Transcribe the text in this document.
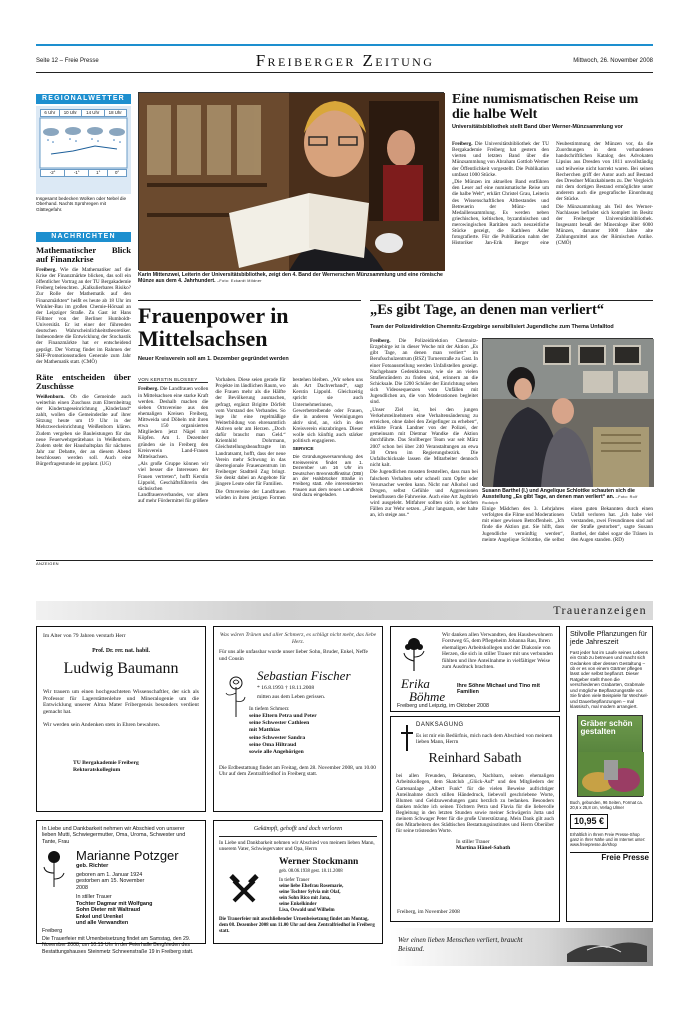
Seite 12 – Freie Presse	Freiberger Zeitung	Mittwoch, 26. November 2008
REGIONALWETTER
6 Uhr	10 Uhr	14 Uhr	18 Uhr
-2°	-1°	1°	0°
Insgesamt bedecken Wolken oder Nebel die Oberhand. Nachts Sprühregen mit Glättegefahr.
NACHRICHTEN
Mathematischer Blick auf Finanzkrise

Freiberg. Wie die Mathematiker auf die Krise der Finanzmärkte blicken, das soll ein öffentlicher Vortrag an der TU Bergakademie Freiberg beleuchten. „Kalkulierbares Risiko? Zur Rolle der Mathematik auf den Finanzmärkten“ heißt es heute ab 18 Uhr im Winkler-Bau im großen Chemie-Hörsaal an der Leipziger Straße. Zu Gast ist Hans Föllmer von der Berliner Humboldt-Universität. Er ist einer der führenden deutschen Wahrscheinlichkeitstheoretiker. Insbesondere die Entwicklung der Stochastik der Finanzmärkte hat er entscheidend geprägt. Der Vortrag findet im Rahmen der SHF-Promotionsstudien Generale zum Jahr der Mathematik statt. (CMÖ)

Räte entscheiden über Zuschüsse

Weißenborn. Ob die Gemeinde auch weiterhin einen Zuschuss zum Elternbeitrag der Kindertageseinrichtung „Kinderland“ zahlt, wollen die Gemeinderäte auf ihrer Sitzung heute um 19 Uhr in der Mehrzweckeinrichtung Weißenborn klären. Zudem vergeben sie Bauleistungen für das neue Feuerwehrgerätehaus in Weißenborn. Zudem steht der Haushaltsplan für nächstes Jahr zur Debatte, der an diesem Abend beschlossen werden soll. Auch eine Bürgerfragestunde ist geplant. (UG)

Karin Mittenzwei, Leiterin der Universitätsbibliothek, zeigt den 4. Band der Wernerschen Münzsammlung und eine römische Münze aus dem 4. Jahrhundert. –Foto: Eckardt Mildner
Eine numismatischen Reise um die halbe Welt
Universitätsbibliothek stellt Band über Werner-Münzsammlung vor

Freiberg. Die Universitätsbibliothek der TU Bergakademie Freiberg hat gestern den vierten und letzten Band über die Münzsammlung von Abraham Gottlob Werner der Öffentlichkeit vorgestellt. Die Publikation umfasst 1000 Stücke.

„Die Münzen im aktuellen Band entführen den Leser auf eine numismatische Reise um die halbe Welt“, erklärt Christel Grau, Leiterin des Wissenschaftlichen Altbestandes und Betreuerin der Münz- und Medaillensammlung. Es werden neben griechischen, keltischen, byzantinischen und merowingischen Raritäten auch neuzeitliche Stücke gezeigt, die Kathleen Adler fotografierte. Für die Publikation nahm der Historiker Jan-Erik Berger eine Neubestimmung der Münzen vor, da die Zuordnungen in dem vorhandenen handschriftlichen Katalog des Advokaten Lipsius aus Dresden von 1811 unvollständig und teilweise nicht korrekt waren. Bei seinen Recherchen griff der Autor auch auf Bestand des Dresdner Münzkabinetts zu. Der Vergleich mit dem dortigen Bestand ermöglichte unter anderem auch die geografische Einordnung der Stücke.

Die Münzsammlung als Teil des Werner-Nachlasses befindet sich komplett im Besitz der Freiberger Universitätsbibliothek. Insgesamt besaß der Mineraloge über 6000 Münzen, darunter 1000 Jahre alte Zahlungsmittel aus der Römischen Antike. (CMÖ)

Frauenpower in Mittelsachsen
Neuer Kreisverein soll am 1. Dezember gegründet werden

VON KERSTIN BLOSSEY

Freiberg. Die Landfrauen wollen in Mittelsachsen eine starke Kraft werden. Deshalb machen die sieben Ortsvereine aus den ehemaligen Kreisen Freiberg, Mittweida und Döbeln mit ihren etwa 150 organisierten Mitgliedern jetzt Nägel mit Köpfen. Am 1. Dezember gründen sie in Freiberg den Kreisverein Land-Frauen Mittelsachsen.

„Als große Gruppe können wir viel besser die Interessen der Frauen vertreten“, hofft Kerstin Lippold, Geschäftsführerin des sächsischen Landfrauenverbandes, vor allem auf mehr Fördermittel für größere Vorhaben. Diese seien gerade für Projekte im ländlichen Raum, wo die Frauen mehr als die Hälfte der Bevölkerung ausmachen, gefragt, ergänzt Brigitte Dörfelt vom Vorstand des Verbandes. So lege ihr eine regelmäßige Weiterbildung von ehrenamtlich Aktiven sehr am Herzen. „Doch dafür braucht man Geld.“ Kriemhild Dohrmann, Gleichstellungsbeauftragte im Landratsamt, hofft, dass der neue Verein mehr Schwung in das überregionale Frauenzentrum im Freiberger Stadtteil Zug bringt. Sie denkt dabei an Angebote für jüngere Leute oder für Familien.

Die Ortsvereine der Landfrauen würden in ihren jetzigen Formen bestehen bleiben. „Wir sehen uns als Art Dachverband“, sagt Kerstin Lippold. Gleichzeitig spricht sie auch Unternehmerinnen, Gewerbetreibende oder Frauen, die in anderen Vereinigungen aktiv sind, an, sich in den Kreisverein einzubringen. Dieser wolle sich künftig auch stärker politisch engagieren.

SERVICE

Die Gründungsversammlung des Kreisvereins findet am 1. Dezember um 16 Uhr im Deutschen Brennstoffinstitut (DBI) an der Halsbrücker Straße in Freiberg statt. Alle interessierten Frauen aus dem neuen Landkreis sind dazu eingeladen.

„Es gibt Tage, an denen man verliert“
Team der Polizeidirektion Chemnitz-Erzgebirge sensibilisiert Jugendliche zum Thema Unfalltod

Freiberg. Die Polizeidirektion Chemnitz-Erzgebirge ist in dieser Woche mit der Aktion „Es gibt Tage, an denen man verliert“ im Berufsschulzentrum (BSZ) Turnerstraße zu Gast. In einer Fotoausstellung werden Unfallstellen gezeigt. Nachgebaute Gedenkkreuze, wie sie an vielen Straßenrändern zu finden sind, erinnern an die Schicksale. Die 1200 Schüler der Einrichtung sehen sich Videosequenzen vom Unfällen mit Jugendlichen an, die von Moderationen begleitet sind.

„Unser Ziel ist, bei den jungen Verkehrsteilnehmern eine Verhaltensänderung zu erreichen, ohne dabei den Zeigefinger zu erheben“, erklärte Frank Landner von der Polizei, der gemeinsam mit Dietmar Wandke die Aktion durchführte. Das Stollberger Team war seit März 2007 schon bei über 240 Veranstaltungen an etwa 30 Orten im Regierungsbezirk. Die Unfallschicksale lassen die Mitarbeiter dennoch nicht kalt.

Die Jugendlichen mussten feststellen, dass man bei falschem Verhalten sehr schnell zum Opfer oder Verursacher werden kann. Nicht nur Alkohol und Drogen, selbst Gefühle und Aggressionen beeinflussen die Fahrweise. Auch eine Art Jagdtrieb wird ausgelebt. Mitfahrer sollten sich in solchen Fällen zur Wehr setzen. „Fahr langsam, oder halte an, ich steige aus.“

Susann Barthel (l.) und Angelique Schlottke schauten sich die Ausstellung „Es gibt Tage, an denen man verliert“ an. –Foto: Rolf Rudolph

Einige Mädchen des 3. Lehrjahres verfolgten die Filme und Moderationen mit einer gewissen Betroffenheit. „Ich finde die Aktion gut. Sie hilft, dass Jugendliche vernünftig werden“, meinte Angelique Schlottke, die selbst einen guten Bekannten durch einen Unfall verloren hat. „Ich habe viel verstanden, zwei Freundinnen sind auf der Straße gestorben“, sagte Susann Barthel, der dabei sogar die Tränen in den Augen standen. (RD)

ANZEIGEN
Traueranzeigen
Im Alter von 79 Jahren verstarb Herr
Prof. Dr. rer. nat. habil.
Ludwig Baumann

Wir trauern um einen hochgeachteten Wissenschaftler, der sich als Professor für Lagerstättenlehre und Mineralogenie um die Entwicklung unserer Alma Mater Fribergensis besonders verdient gemacht hat.

Wir werden sein Andenken stets in Ehren bewahren.

TU Bergakademie Freiberg
Rektoratskollegium
Was wären Tränen und aller Schmerz, es schlägt nicht mehr, das liebe Herz.
Für uns alle unfassbar wurde unser lieber Sohn, Bruder, Enkel, Neffe und Cousin
Sebastian Fischer
* 16.8.1993 † 18.11.2008
mitten aus dem Leben gerissen.
In tiefem Schmerz
seine Eltern Petra und Peter
seine Schwester Cathleen
mit Matthias
seine Schwester Sandra
seine Oma Hiltraud
sowie alle Angehörigen

Die Erdbestattung findet am Freitag, dem 28. November 2008, um 10.00 Uhr auf dem Zentralfriedhof in Freiberg statt.

Wir danken allen Verwandten, den Hausbewohnern Forstweg 65, dem Pflegeheim Johanna Rau, Ihren ehemaligen Arbeitskollegen und der Diakonie von Herzen, die sich in stiller Trauer mit uns verbunden fühlten und ihre Anteilnahme in vielfältiger Weise zum Ausdruck brachten.
Erika
Böhme
Ihre Söhne Michael und Tino mit Familien
Freiberg und Leipzig, im Oktober 2008
DANKSAGUNG
Es ist mir ein Bedürfnis, mich nach dem Abschied von meinem lieben Mann, Herrn
Reinhard Sabath

bei allen Freunden, Bekannten, Nachbarn, seinen ehemaligen Arbeitskollegen, dem Skatclub „Glück-Auf“ und den Mitgliedern der Gartenanlage „Albert Funk“ für die vielen Beweise aufrichtiger Anteilnahme durch stillen Händedruck, liebevoll geschriebene Worte, Blumen und Geldzuwendungen ganz herzlich zu bedanken. Besonders danken möchte ich seinen Töchtern Petra und Flavia für die liebevolle Begleitung in den letzten Stunden sowie meiner Schwägerin Jutta und meinem Schwager Peter für die große Unterstützung. Mein Dank gilt auch den Mitarbeitern des Städtischen Bestattungsinstitutes und Herrn Oberüber für seine tröstenden Worte.

In stiller Trauer
Martina Hänel-Sabath
Freiberg, im November 2008
In Liebe und Dankbarkeit nehmen wir Abschied von unserer lieben Mutti, Schwiegermutter, Oma, Uroma, Schwester und Tante, Frau
Marianne Potzger
geb. Richter
geboren am 1. Januar 1924 gestorben am 15. November 2008
In stiller Trauer
Tochter Dagmar mit Wolfgang
Sohn Dieter mit Waltraud
Enkel und Urenkel
und alle Verwandten
Freiberg

Die Trauerfeier mit Urnenbeisetzung findet am Samstag, den 29. November 2008, um 10.15 Uhr in der Feierhalle Bergfrieden des Bestattungshauses Steinmetz Schneenstraße 19 in Freiberg statt.

Gekämpft, gehofft und doch verloren
In Liebe und Dankbarkeit nehmen wir Abschied von meinem lieben Mann, unserem Vater, Schwiegervater und Opa, Herrn
Werner Stockmann
geb. 08.06.1938 gest. 18.11.2008
In tiefer Trauer
seine liebe Ehefrau Rosemarie,
seine Tochter Sylvia mit Olaf,
sein Sohn Rico mit Jana,
seine Enkelkinder
Lisa, Oswald und Wilhelm

Die Trauerfeier mit anschließender Urnenbeisetzung findet am Montag, dem 08. Dezember 2008 um 11.00 Uhr auf dem Zentralfriedhof in Freiberg statt.

Wer einen lieben Menschen verliert, braucht Beistand.
Stilvolle Pflanzungen für jede Jahreszeit

Fast jeder hat im Laufe seines Lebens ein Grab zu betreuen und macht sich Gedanken über dessen Gestaltung – ob er es von einem Gärtner pflegen lässt oder selbst bepflanzt. Dieser Ratgeber stellt Ihnen die verschiedenen Grabarten, Grabmale und mögliche Bepflanzungsstile vor. Sie finden viele Beispiele für Wechsel- und Dauerbepflanzungen – mal klassisch, mal modern arrangiert.

Gräber schön gestalten
Buch, gebunden, 96 Seiten, Format ca. 20,6 x 25,8 cm, Verlag Ulmer
10,95 €
Erhältlich in Ihrem Freie Presse-Shop ganz in Ihrer Nähe und im Internet unter: www.freiepresse.de/shop
Freie Presse
